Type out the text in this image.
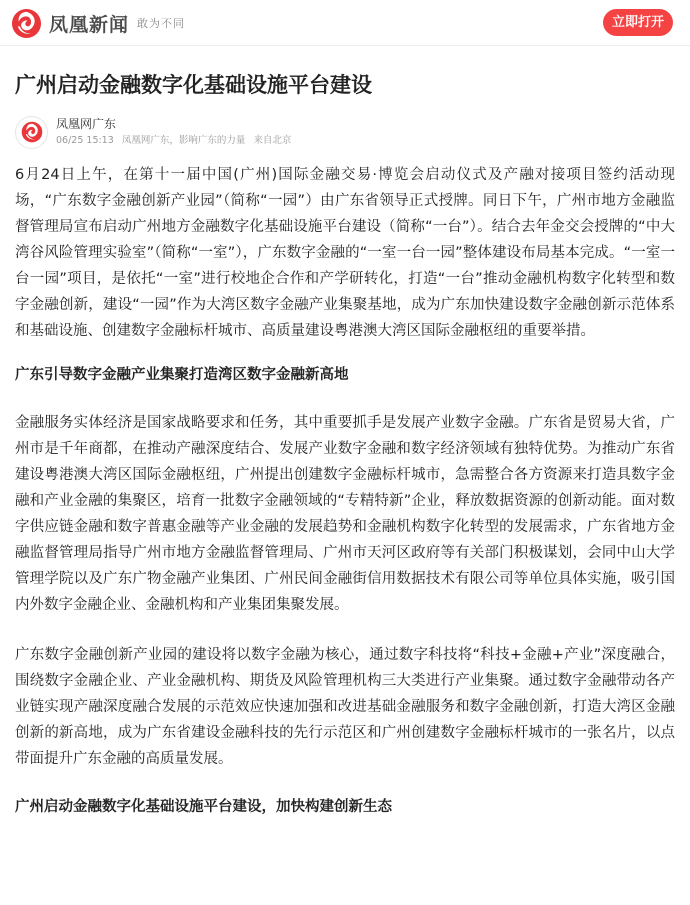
凤凰新闻 敢为不同	立即打开
广州启动金融数字化基础设施平台建设
凤凰网广东
06/25 15:13 凤凰网广东，影响广东的力量 来自北京

6月24日上午，在第十一届中国(广州)国际金融交易·博览会启动仪式及产融对接项目签约活动现场，“广东数字金融创新产业园”（简称“一园”）由广东省领导正式授牌。同日下午，广州市地方金融监督管理局宣布启动广州地方金融数字化基础设施平台建设（简称“一台”）。结合去年金交会授牌的“中大湾谷风险管理实验室”（简称“一室”），广东数字金融的“一室一台一园”整体建设布局基本完成。“一室一台一园”项目，是依托“一室”进行校地企合作和产学研转化，打造“一台”推动金融机构数字化转型和数字金融创新，建设“一园”作为大湾区数字金融产业集聚基地，成为广东加快建设数字金融创新示范体系和基础设施、创建数字金融标杆城市、高质量建设粤港澳大湾区国际金融枢纽的重要举措。

广东引导数字金融产业集聚打造湾区数字金融新高地

金融服务实体经济是国家战略要求和任务，其中重要抓手是发展产业数字金融。广东省是贸易大省，广州市是千年商都，在推动产融深度结合、发展产业数字金融和数字经济领域有独特优势。为推动广东省建设粤港澳大湾区国际金融枢纽，广州提出创建数字金融标杆城市，急需整合各方资源来打造具数字金融和产业金融的集聚区，培育一批数字金融领域的“专精特新”企业，释放数据资源的创新动能。面对数字供应链金融和数字普惠金融等产业金融的发展趋势和金融机构数字化转型的发展需求，广东省地方金融监督管理局指导广州市地方金融监督管理局、广州市天河区政府等有关部门积极谋划，会同中山大学管理学院以及广东广物金融产业集团、广州民间金融街信用数据技术有限公司等单位具体实施，吸引国内外数字金融企业、金融机构和产业集团集聚发展。

广东数字金融创新产业园的建设将以数字金融为核心，通过数字科技将“科技+金融+产业”深度融合，围绕数字金融企业、产业金融机构、期货及风险管理机构三大类进行产业集聚。通过数字金融带动各产业链实现产融深度融合发展的示范效应快速加强和改进基础金融服务和数字金融创新，打造大湾区金融创新的新高地，成为广东省建设金融科技的先行示范区和广州创建数字金融标杆城市的一张名片，以点带面提升广东金融的高质量发展。

广州启动金融数字化基础设施平台建设，加快构建创新生态
